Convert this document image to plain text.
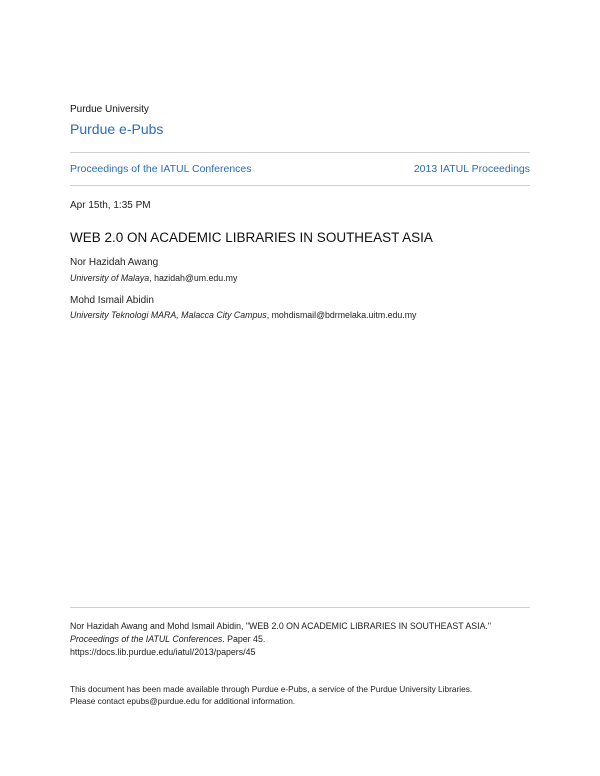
Purdue University
Purdue e-Pubs
Proceedings of the IATUL Conferences	2013 IATUL Proceedings
Apr 15th, 1:35 PM
WEB 2.0 ON ACADEMIC LIBRARIES IN SOUTHEAST ASIA
Nor Hazidah Awang
University of Malaya, hazidah@um.edu.my
Mohd Ismail Abidin
University Teknologi MARA, Malacca City Campus, mohdismail@bdrmelaka.uitm.edu.my
Nor Hazidah Awang and Mohd Ismail Abidin, "WEB 2.0 ON ACADEMIC LIBRARIES IN SOUTHEAST ASIA."
Proceedings of the IATUL Conferences. Paper 45.
https://docs.lib.purdue.edu/iatul/2013/papers/45
This document has been made available through Purdue e-Pubs, a service of the Purdue University Libraries.
Please contact epubs@purdue.edu for additional information.
